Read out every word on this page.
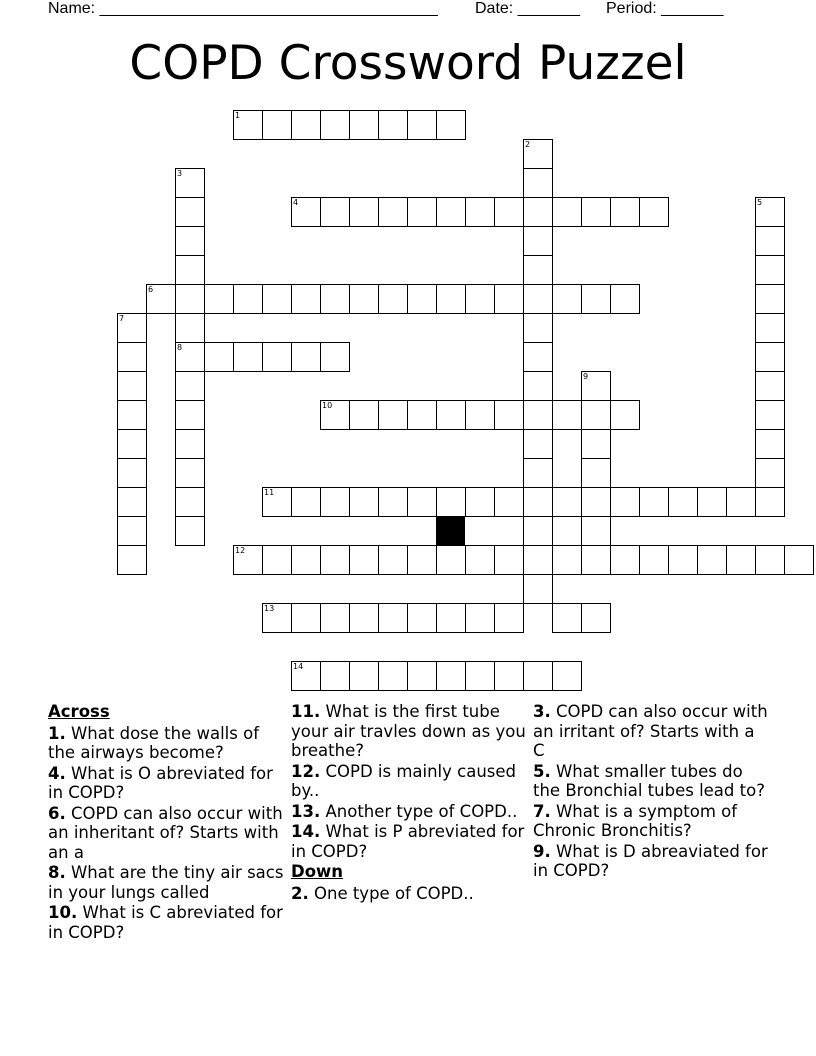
Name: ______________________________________ Date: _______ Period: _______
COPD Crossword Puzzel
1
2
3
4	5
6
7
8
9
10
11
12
13
14
Across

1. What dose the walls of the airways become?

4. What is O abreviated for in COPD?

6. COPD can also occur with an inheritant of? Starts with an a

8. What are the tiny air sacs in your lungs called

10. What is C abreviated for in COPD?

11. What is the first tube your air travles down as you breathe?

12. COPD is mainly caused by..

13. Another type of COPD..

14. What is P abreviated for in COPD?

Down

2. One type of COPD..

3. COPD can also occur with an irritant of? Starts with a C

5. What smaller tubes do the Bronchial tubes lead to?

7. What is a symptom of Chronic Bronchitis?

9. What is D abreaviated for in COPD?
